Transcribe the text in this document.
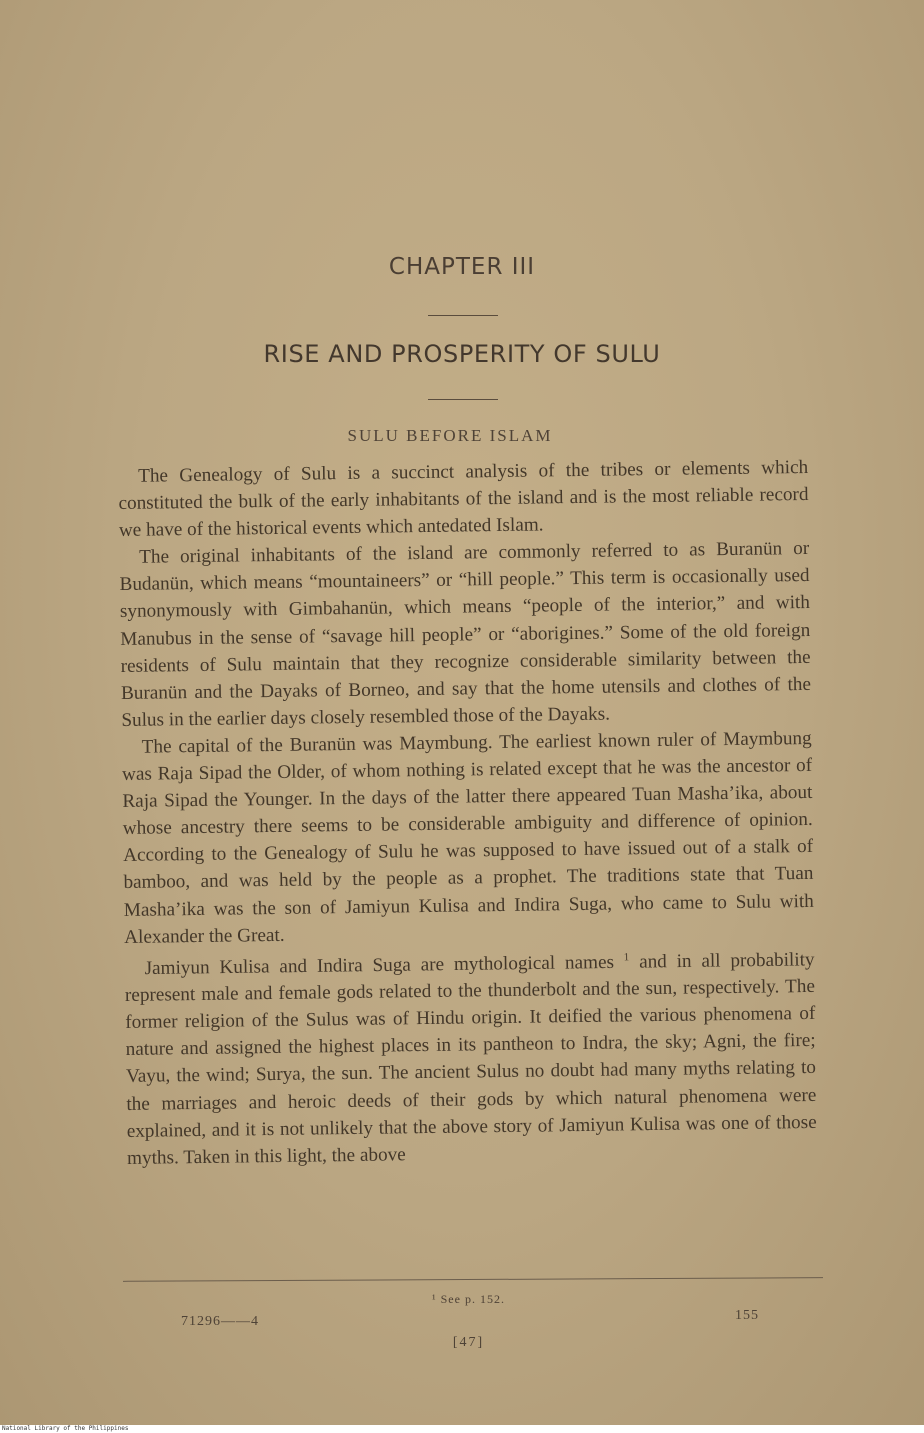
CHAPTER III
RISE AND PROSPERITY OF SULU
SULU BEFORE ISLAM

The Genealogy of Sulu is a succinct analysis of the tribes or elements which constituted the bulk of the early inhabitants of the island and is the most reliable record we have of the historical events which antedated Islam.

The original inhabitants of the island are commonly referred to as Buranün or Budanün, which means “mountaineers” or “hill people.” This term is occasionally used synonymously with Gimbahanün, which means “people of the interior,” and with Manubus in the sense of “savage hill people” or “aborigines.” Some of the old foreign residents of Sulu maintain that they recognize considerable similarity between the Buranün and the Dayaks of Borneo, and say that the home utensils and clothes of the Sulus in the earlier days closely resembled those of the Dayaks.

The capital of the Buranün was Maymbung. The earliest known ruler of Maymbung was Raja Sipad the Older, of whom nothing is related except that he was the ancestor of Raja Sipad the Younger. In the days of the latter there appeared Tuan Masha’ika, about whose ancestry there seems to be considerable ambiguity and difference of opinion. According to the Genealogy of Sulu he was supposed to have issued out of a stalk of bamboo, and was held by the people as a prophet. The traditions state that Tuan Masha’ika was the son of Jamiyun Kulisa and Indira Suga, who came to Sulu with Alexander the Great.

Jamiyun Kulisa and Indira Suga are mythological names $^1$ and in all probability represent male and female gods related to the thunderbolt and the sun, respectively. The former religion of the Sulus was of Hindu origin. It deified the various phenomena of nature and assigned the highest places in its pantheon to Indra, the sky; Agni, the fire; Vayu, the wind; Surya, the sun. The ancient Sulus no doubt had many myths relating to the marriages and heroic deeds of their gods by which natural phenomena were explained, and it is not unlikely that the above story of Jamiyun Kulisa was one of those myths. Taken in this light, the above

¹ See p. 152.
71296——4	155
[47]
National Library of the Philippines
